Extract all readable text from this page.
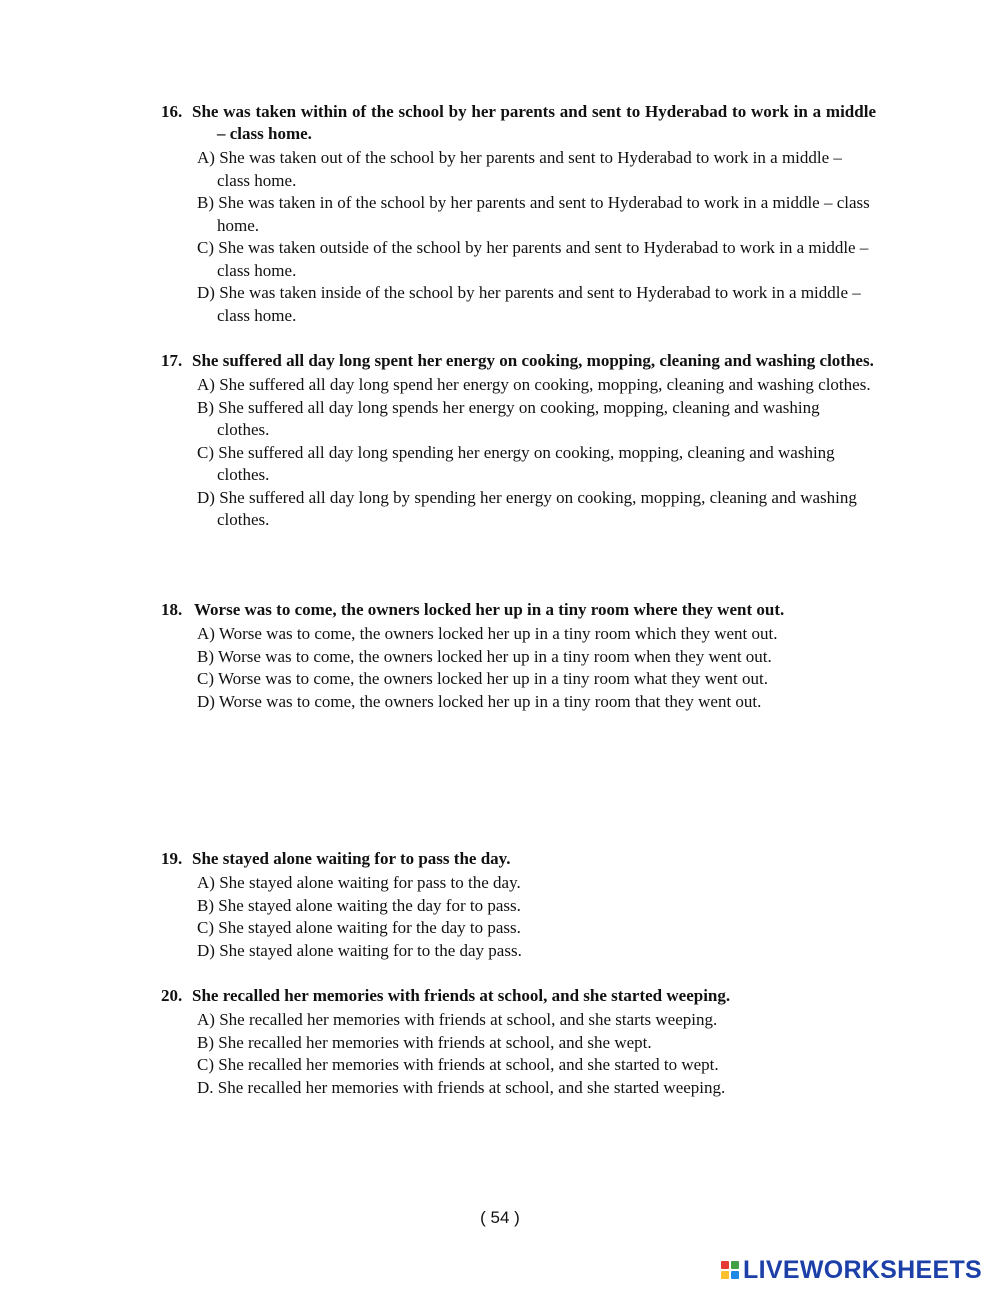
16. She was taken within of the school by her parents and sent to Hyderabad to work in a middle – class home.

A) She was taken out of the school by her parents and sent to Hyderabad to work in a middle – class home.

B) She was taken in of the school by her parents and sent to Hyderabad to work in a middle – class home.

C) She was taken outside of the school by her parents and sent to Hyderabad to work in a middle – class home.

D) She was taken inside of the school by her parents and sent to Hyderabad to work in a middle – class home.

17. She suffered all day long spent her energy on cooking, mopping, cleaning and washing clothes.

A) She suffered all day long spend her energy on cooking, mopping, cleaning and washing clothes.

B) She suffered all day long spends her energy on cooking, mopping, cleaning and washing clothes.

C) She suffered all day long spending her energy on cooking, mopping, cleaning and washing clothes.

D) She suffered all day long by spending her energy on cooking, mopping, cleaning and washing clothes.

18. Worse was to come, the owners locked her up in a tiny room where they went out.

A) Worse was to come, the owners locked her up in a tiny room which they went out.

B) Worse was to come, the owners locked her up in a tiny room when they went out.

C) Worse was to come, the owners locked her up in a tiny room what they went out.

D) Worse was to come, the owners locked her up in a tiny room that they went out.

19. She stayed alone waiting for to pass the day.

A) She stayed alone waiting for pass to the day.

B) She stayed alone waiting the day for to pass.

C) She stayed alone waiting for the day to pass.

D) She stayed alone waiting for to the day pass.

20. She recalled her memories with friends at school, and she started weeping.

A) She recalled her memories with friends at school, and she starts weeping.

B) She recalled her memories with friends at school, and she wept.

C) She recalled her memories with friends at school, and she started to wept.

D. She recalled her memories with friends at school, and she started weeping.

( 54 )
LIVEWORKSHEETS
